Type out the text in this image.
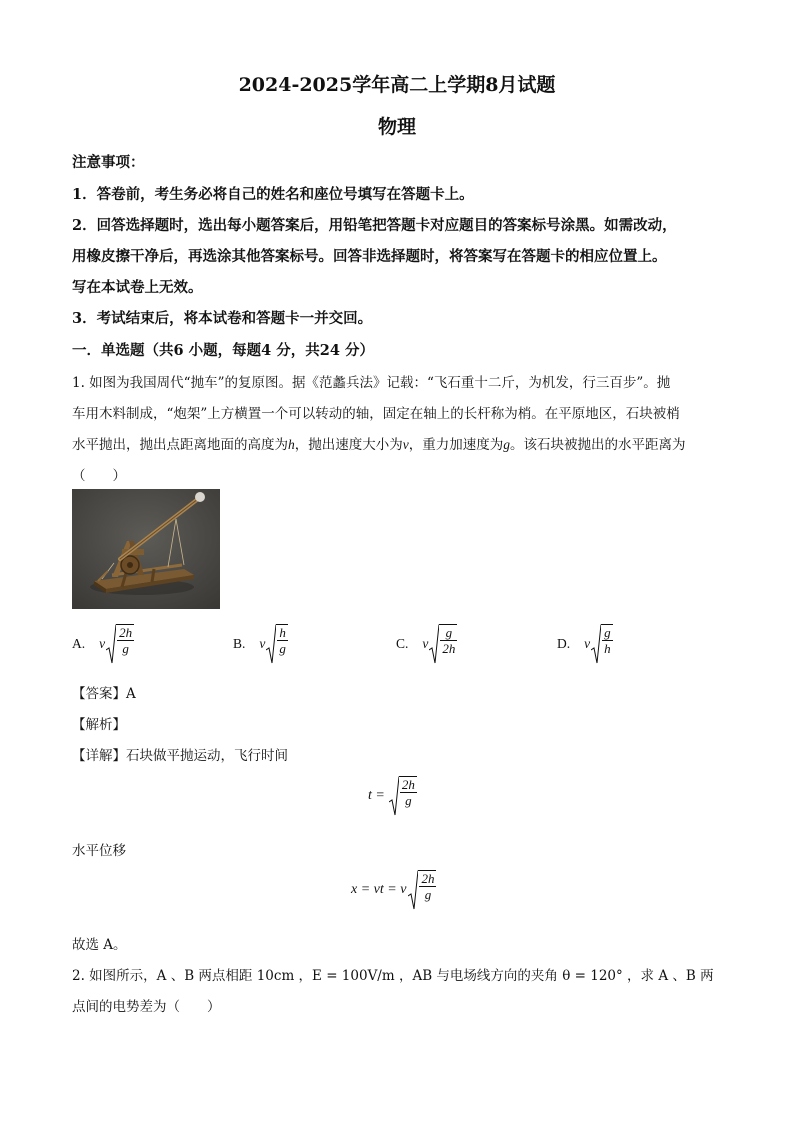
2024-2025学年高二上学期8月试题
物理
注意事项：
1．答卷前，考生务必将自己的姓名和座位号填写在答题卡上。
2．回答选择题时，选出每小题答案后，用铅笔把答题卡对应题目的答案标号涂黑。如需改动，
用橡皮擦干净后，再选涂其他答案标号。回答非选择题时，将答案写在答题卡的相应位置上。
写在本试卷上无效。
3．考试结束后，将本试卷和答题卡一并交回。
一．单选题（共6 小题，每题4 分，共24 分）
1. 如图为我国周代“抛车”的复原图。据《范蠡兵法》记载：“飞石重十二斤，为机发，行三百步”。抛
车用木料制成，“炮架”上方横置一个可以转动的轴，固定在轴上的长杆称为梢。在平原地区，石块被梢
水平抛出，抛出点距离地面的高度为h，抛出速度大小为v，重力加速度为g。该石块被抛出的水平距离为
（　　）
A. v $\frac{2h}{g}$	B. v $\frac{h}{g}$	C. v $\frac{g}{2h}$	D. v $\frac{g}{h}$
【答案】A
【解析】
【详解】石块做平抛运动，飞行时间
$t = \frac{2h}{g}$
水平位移
x = vt = v $\frac{2h}{g}$
故选 A。
2. 如图所示，A 、B 两点相距 10cm ，E = 100V/m ，AB 与电场线方向的夹角 θ = 120° ，求 A 、B 两
点间的电势差为（　　）
